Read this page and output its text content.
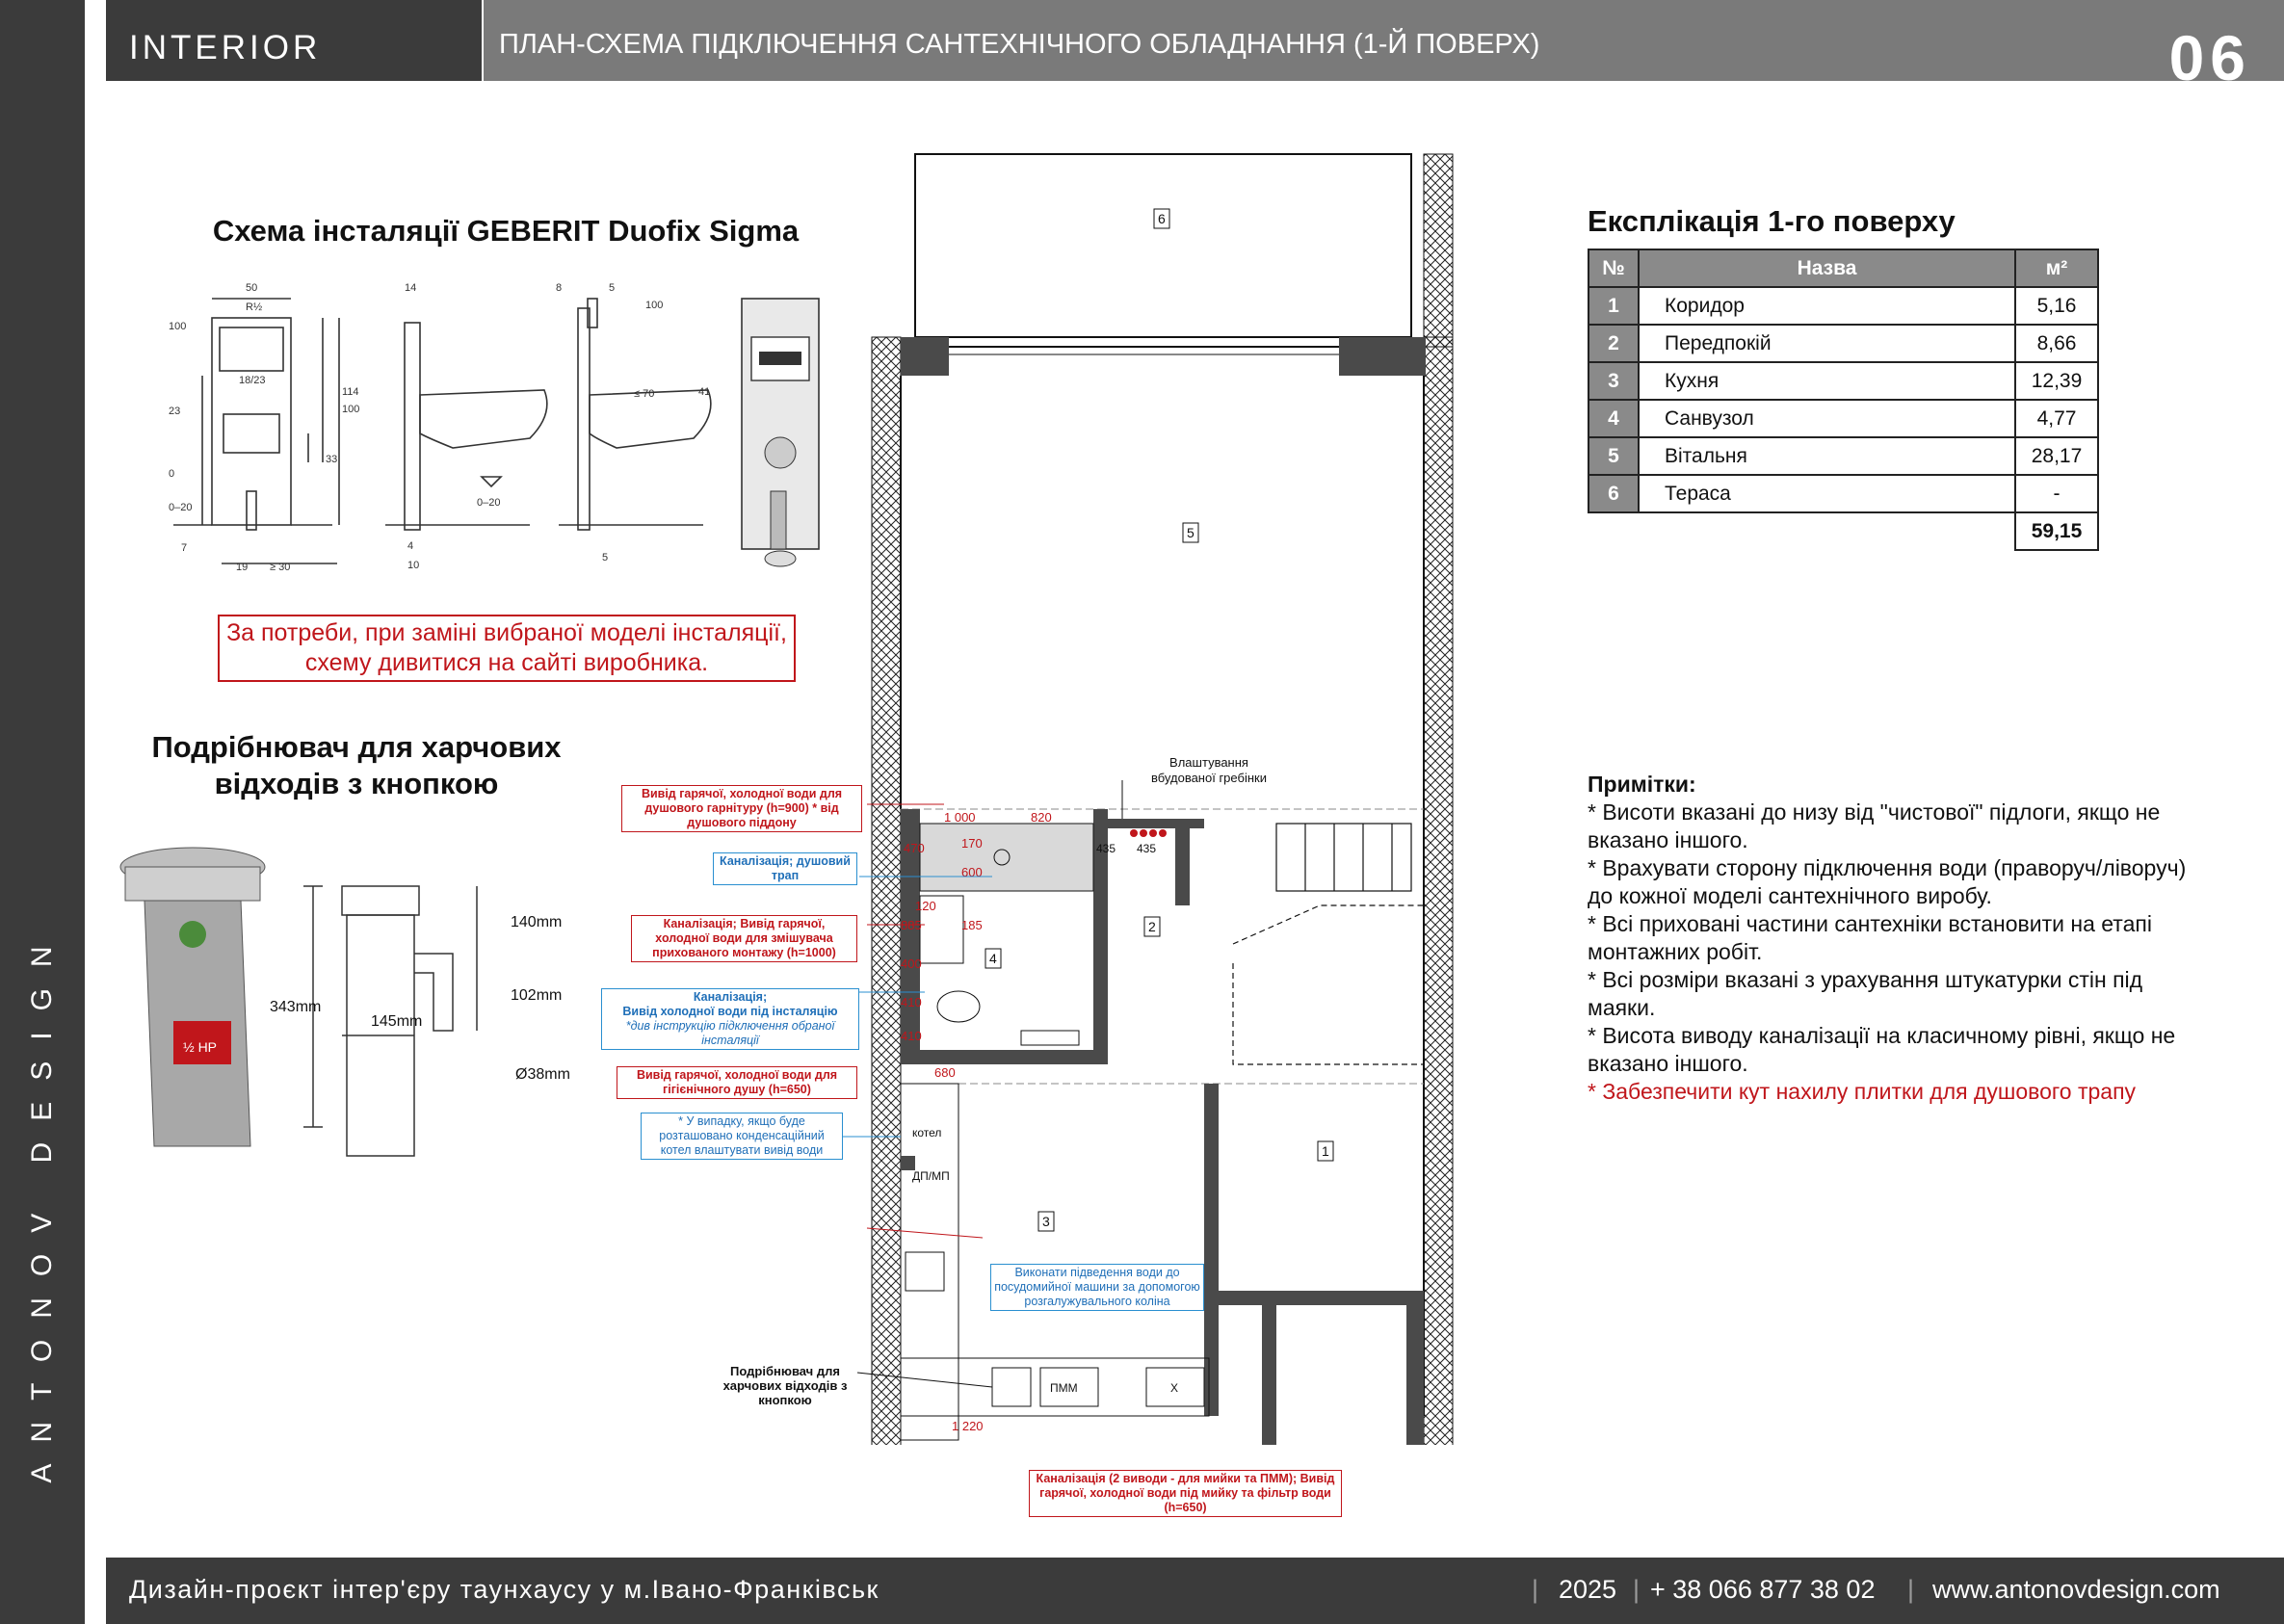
ANTONOV DESIGN
INTERIOR DESIGN
ПЛАН-СХЕМА ПІДКЛЮЧЕННЯ САНТЕХНІЧНОГО ОБЛАДНАННЯ (1-Й ПОВЕРХ)	06
Схема інсталяції GEBERIT Duofix Sigma
50
R½
100
18/23
23
0
0–20
114
100
33
7
19 ≥ 30
14
0–20
4
10
8	5
100
≤ 70	41
5
За потреби, при заміні вибраної моделі інсталяції, схему дивитися на сайті виробника.
Подрібнювач для харчових
відходів з кнопкою
½ HP
343mm
140mm
102mm
145mm
Ø38mm
1 000	820
470
600
170
120
885	185
400
410
410
680
1 220
435 435
котел
ДП/МП
ПММ	X
6
5
2
4
3
1
Вивід гарячої, холодної води для душового гарнітуру (h=900) * від душового піддону
Каналізація; душовий трап
Каналізація; Вивід гарячої, холодної води для змішувача прихованого монтажу (h=1000)
Каналізація;
Вивід холодної води під інсталяцію
*див інструкцію підключення обраної інсталяції
Вивід гарячої, холодної води для гігієнічного душу (h=650)
* У випадку, якщо буде розташовано конденсаційний котел влаштувати вивід води
Виконати підведення води до посудомийної машини за допомогою розгалужувального коліна
Каналізація (2 виводи - для мийки та ПММ); Вивід гарячої, холодної води під мийку та фільтр води (h=650)
Подрібнювач для харчових відходів з кнопкою
Влаштування вбудованої гребінки
Експлікація 1-го поверху
№	Назва	м²
1	Коридор	5,16
2	Передпокій	8,66
3	Кухня	12,39
4	Санвузол	4,77
5	Вітальня	28,17
6	Тераса	-
		59,15
Примітки:
* Висоти вказані до низу від "чистової" підлоги, якщо не вказано іншого.
* Врахувати сторону підключення води (праворуч/ліворуч) до кожної моделі сантехнічного виробу.
* Всі приховані частини сантехніки встановити на етапі монтажних робіт.
* Всі розміри вказані з урахування штукатурки стін під маяки.
* Висота виводу каналізації на класичному рівні, якщо не вказано іншого.
* Забезпечити кут нахилу плитки для душового трапу
Дизайн-проєкт інтер'єру таунхаусу у м.Івано-Франківськ	| 2025 | + 38 066 877 38 02 | www.antonovdesign.com
